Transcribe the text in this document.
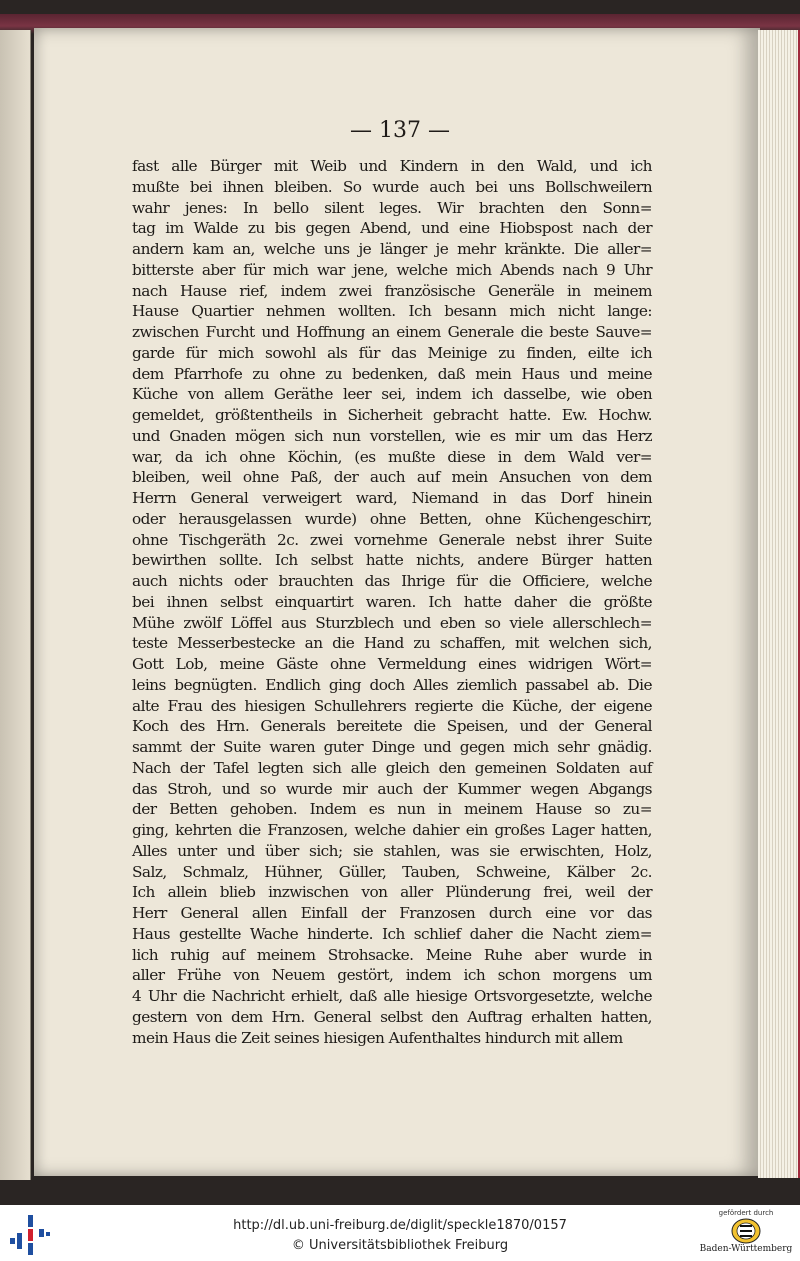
— 137 —
fast alle Bürger mit Weib und Kindern in den Wald, und ich
mußte bei ihnen bleiben. So wurde auch bei uns Bollschweilern
wahr jenes: In bello silent leges. Wir brachten den Sonn=
tag im Walde zu bis gegen Abend, und eine Hiobspost nach der
andern kam an, welche uns je länger je mehr kränkte. Die aller=
bitterste aber für mich war jene, welche mich Abends nach 9 Uhr
nach Hause rief, indem zwei französische Generäle in meinem
Hause Quartier nehmen wollten. Ich besann mich nicht lange:
zwischen Furcht und Hoffnung an einem Generale die beste Sauve=
garde für mich sowohl als für das Meinige zu finden, eilte ich
dem Pfarrhofe zu ohne zu bedenken, daß mein Haus und meine
Küche von allem Geräthe leer sei, indem ich dasselbe, wie oben
gemeldet, größtentheils in Sicherheit gebracht hatte. Ew. Hochw.
und Gnaden mögen sich nun vorstellen, wie es mir um das Herz
war, da ich ohne Köchin, (es mußte diese in dem Wald ver=
bleiben, weil ohne Paß, der auch auf mein Ansuchen von dem
Herrn General verweigert ward, Niemand in das Dorf hinein
oder herausgelassen wurde) ohne Betten, ohne Küchengeschirr,
ohne Tischgeräth 2c. zwei vornehme Generale nebst ihrer Suite
bewirthen sollte. Ich selbst hatte nichts, andere Bürger hatten
auch nichts oder brauchten das Ihrige für die Officiere, welche
bei ihnen selbst einquartirt waren. Ich hatte daher die größte
Mühe zwölf Löffel aus Sturzblech und eben so viele allerschlech=
teste Messerbestecke an die Hand zu schaffen, mit welchen sich,
Gott Lob, meine Gäste ohne Vermeldung eines widrigen Wört=
leins begnügten. Endlich ging doch Alles ziemlich passabel ab. Die
alte Frau des hiesigen Schullehrers regierte die Küche, der eigene
Koch des Hrn. Generals bereitete die Speisen, und der General
sammt der Suite waren guter Dinge und gegen mich sehr gnädig.
Nach der Tafel legten sich alle gleich den gemeinen Soldaten auf
das Stroh, und so wurde mir auch der Kummer wegen Abgangs
der Betten gehoben. Indem es nun in meinem Hause so zu=
ging, kehrten die Franzosen, welche dahier ein großes Lager hatten,
Alles unter und über sich; sie stahlen, was sie erwischten, Holz,
Salz, Schmalz, Hühner, Güller, Tauben, Schweine, Kälber 2c.
Ich allein blieb inzwischen von aller Plünderung frei, weil der
Herr General allen Einfall der Franzosen durch eine vor das
Haus gestellte Wache hinderte. Ich schlief daher die Nacht ziem=
lich ruhig auf meinem Strohsacke. Meine Ruhe aber wurde in
aller Frühe von Neuem gestört, indem ich schon morgens um
4 Uhr die Nachricht erhielt, daß alle hiesige Ortsvorgesetzte, welche
gestern von dem Hrn. General selbst den Auftrag erhalten hatten,
mein Haus die Zeit seines hiesigen Aufenthaltes hindurch mit allem
http://dl.ub.uni-freiburg.de/diglit/speckle1870/0157
© Universitätsbibliothek Freiburg
gefördert durch
Baden-Württemberg
